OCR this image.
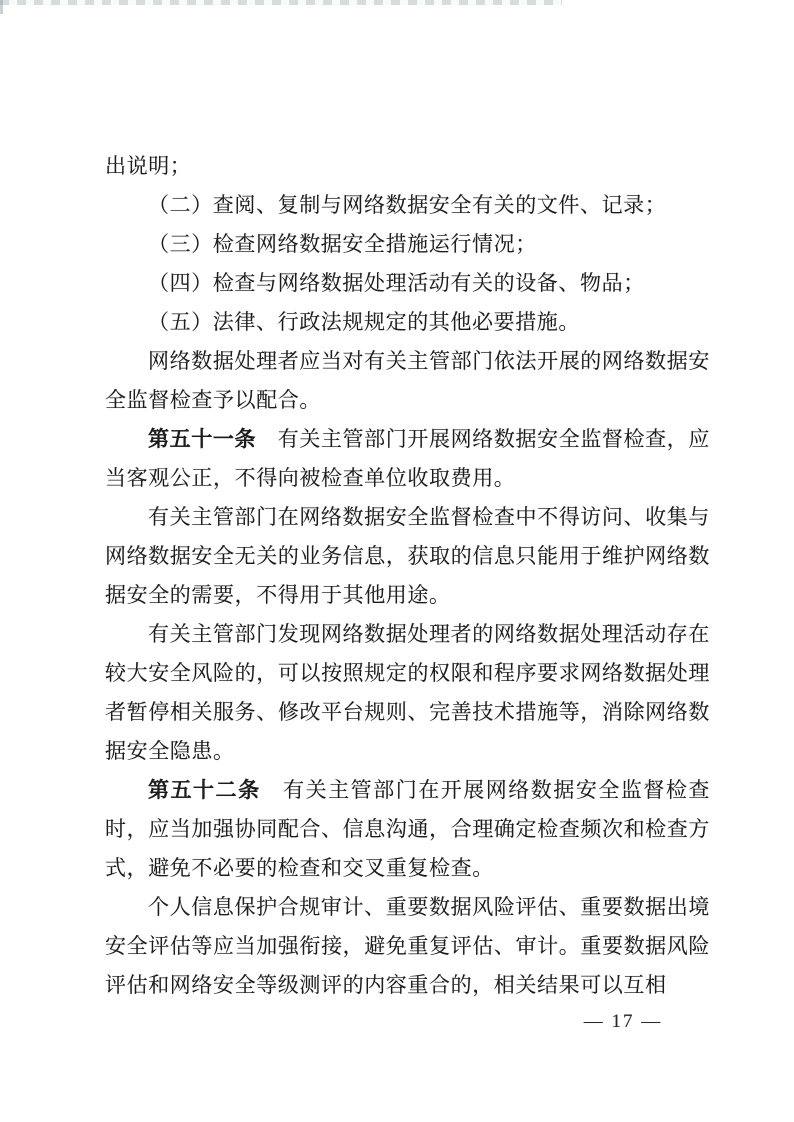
出说明；

（二）查阅、复制与网络数据安全有关的文件、记录；

（三）检查网络数据安全措施运行情况；

（四）检查与网络数据处理活动有关的设备、物品；

（五）法律、行政法规规定的其他必要措施。

网络数据处理者应当对有关主管部门依法开展的网络数据安全监督检查予以配合。

第五十一条　 有关主管部门开展网络数据安全监督检查，应当客观公正，不得向被检查单位收取费用。

有关主管部门在网络数据安全监督检查中不得访问、收集与网络数据安全无关的业务信息，获取的信息只能用于维护网络数据安全的需要，不得用于其他用途。

有关主管部门发现网络数据处理者的网络数据处理活动存在较大安全风险的，可以按照规定的权限和程序要求网络数据处理者暂停相关服务、修改平台规则、完善技术措施等，消除网络数据安全隐患。

第五十二条　 有关主管部门在开展网络数据安全监督检查时，应当加强协同配合、信息沟通，合理确定检查频次和检查方式，避免不必要的检查和交叉重复检查。

个人信息保护合规审计、重要数据风险评估、重要数据出境安全评估等应当加强衔接，避免重复评估、审计。重要数据风险评估和网络安全等级测评的内容重合的，相关结果可以互相

— 17 —
